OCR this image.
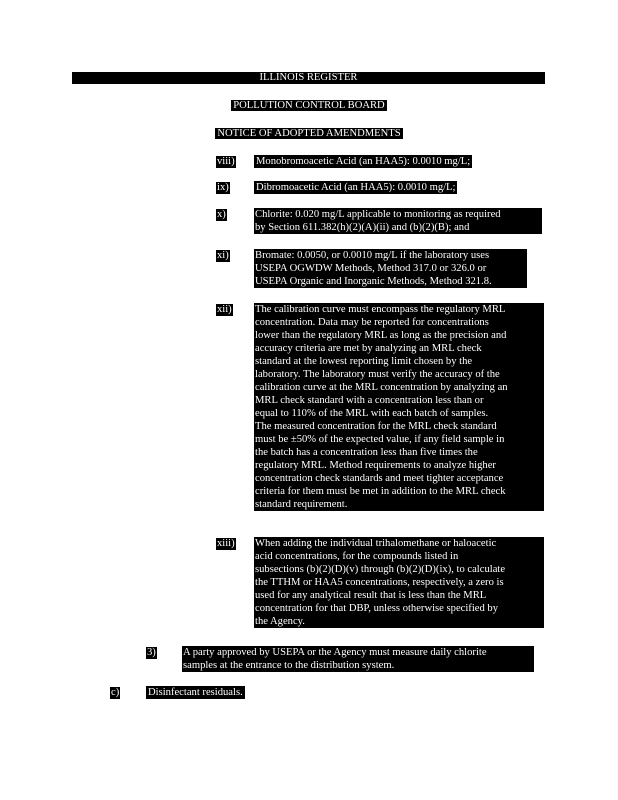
ILLINOIS REGISTER
POLLUTION CONTROL BOARD
NOTICE OF ADOPTED AMENDMENTS
viii) Monobromoacetic Acid (an HAA5): 0.0010 mg/L;

ix)	Dibromoacetic Acid (an HAA5): 0.0010 mg/L;

x)	Chlorite: 0.020 mg/L applicable to monitoring as required

by Section 611.382(h)(2)(A)(ii) and (b)(2)(B); and

xi) Bromate: 0.0050, or 0.0010 mg/L if the laboratory uses

USEPA OGWDW Methods, Method 317.0 or 326.0 or

USEPA Organic and Inorganic Methods, Method 321.8.

xii) The calibration curve must encompass the regulatory MRL

concentration. Data may be reported for concentrations

lower than the regulatory MRL as long as the precision and

accuracy criteria are met by analyzing an MRL check

standard at the lowest reporting limit chosen by the

laboratory. The laboratory must verify the accuracy of the

calibration curve at the MRL concentration by analyzing an

MRL check standard with a concentration less than or

equal to 110% of the MRL with each batch of samples.

The measured concentration for the MRL check standard

must be ±50% of the expected value, if any field sample in

the batch has a concentration less than five times the

regulatory MRL. Method requirements to analyze higher

concentration check standards and meet tighter acceptance

criteria for them must be met in addition to the MRL check

standard requirement.

xiii) When adding the individual trihalomethane or haloacetic

acid concentrations, for the compounds listed in

subsections (b)(2)(D)(v) through (b)(2)(D)(ix), to calculate

the TTHM or HAA5 concentrations, respectively, a zero is

used for any analytical result that is less than the MRL

concentration for that DBP, unless otherwise specified by

the Agency.

3)	A party approved by USEPA or the Agency must measure daily chlorite

samples at the entrance to the distribution system.

c)	Disinfectant residuals.
